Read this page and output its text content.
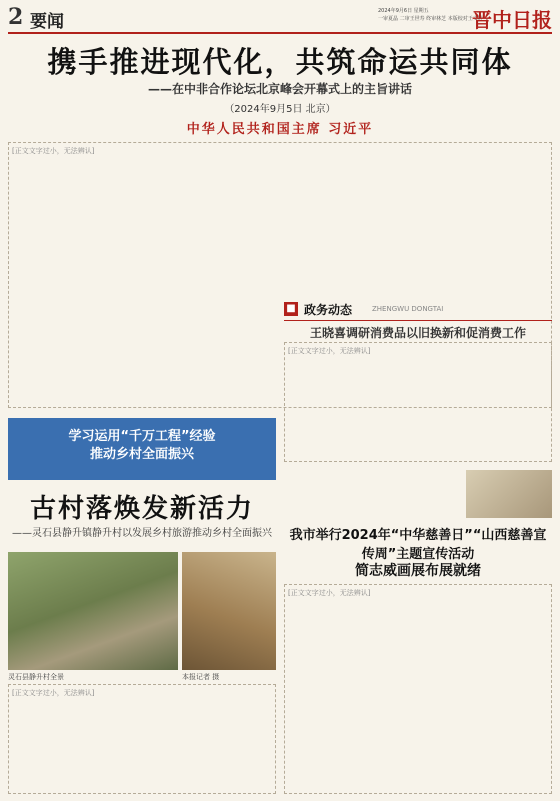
2 要闻
2024年9月6日 星期五
一审夏晶 二审王世寿 终审林芝 本版校对王文婷
晋中日报
携手推进现代化，共筑命运共同体
——在中非合作论坛北京峰会开幕式上的主旨讲话
（2024年9月5日 北京）
中华人民共和国主席 习近平
[正文文字过小，无法辨认]
学习运用“千万工程”经验
推动乡村全面振兴
古村落焕发新活力
——灵石县静升镇静升村以发展乡村旅游推动乡村全面振兴
灵石县静升村全景	本报记者 摄
[正文文字过小，无法辨认]
■ 政务动态	ZHENGWU DONGTAI
王晓喜调研消费品以旧换新和促消费工作
[正文文字过小，无法辨认]
我市举行2024年“中华慈善日”“山西慈善宣传周”主题宣传活动
简志威画展布展就绪
[正文文字过小，无法辨认]
